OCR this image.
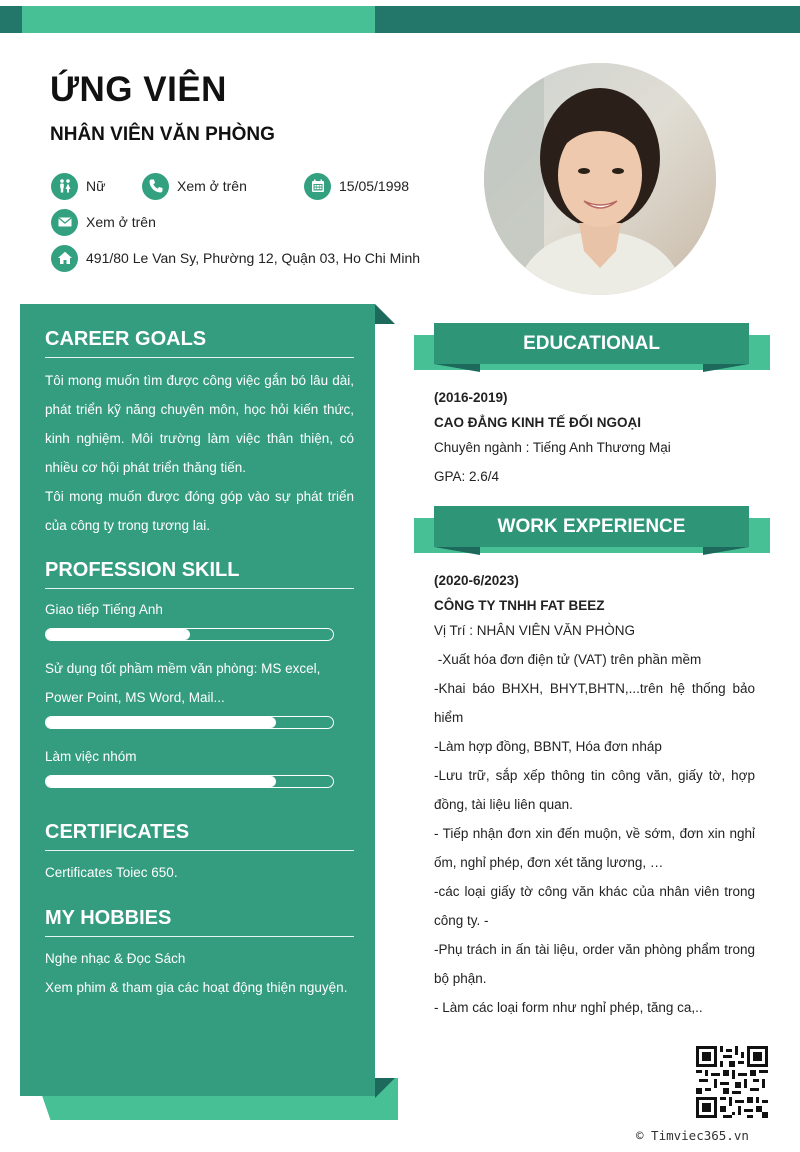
ỨNG VIÊN
NHÂN VIÊN VĂN PHÒNG
Nữ	Xem ở trên	15/05/1998
Xem ở trên
491/80 Le Van Sy, Phường 12, Quận 03, Ho Chi Minh
CAREER GOALS
Tôi mong muốn tìm được công việc gắn bó lâu dài, phát triển kỹ năng chuyên môn, học hỏi kiến thức, kinh nghiệm. Môi trường làm việc thân thiện, có nhiều cơ hội phát triển thăng tiến.
Tôi mong muốn được đóng góp vào sự phát triển của công ty trong tương lai.
PROFESSION SKILL
Giao tiếp Tiếng Anh
Sử dụng tốt phầm mềm văn phòng: MS excel, Power Point, MS Word, Mail...
Làm việc nhóm
CERTIFICATES
Certificates Toiec 650.
MY HOBBIES
Nghe nhạc & Đọc Sách
Xem phim & tham gia các hoạt động thiện nguyện.
EDUCATIONAL
(2016-2019)
CAO ĐẲNG KINH TẾ ĐỐI NGOẠI
Chuyên ngành : Tiếng Anh Thương Mại
GPA: 2.6/4
WORK EXPERIENCE
(2020-6/2023)
CÔNG TY TNHH FAT BEEZ
Vị Trí : NHÂN VIÊN VĂN PHÒNG
-Xuất hóa đơn điện tử (VAT) trên phần mềm
-Khai báo BHXH, BHYT,BHTN,...trên hệ thống bảo hiểm
-Làm hợp đồng, BBNT, Hóa đơn nháp
-Lưu trữ, sắp xếp thông tin công văn, giấy tờ, hợp đồng, tài liệu liên quan.
- Tiếp nhận đơn xin đến muộn, về sớm, đơn xin nghỉ ốm, nghỉ phép, đơn xét tăng lương, …
-các loại giấy tờ công văn khác của nhân viên trong công ty. -
-Phụ trách in ấn tài liệu, order văn phòng phẩm trong bộ phận.
- Làm các loại form như nghỉ phép, tăng ca,..
© Timviec365.vn
